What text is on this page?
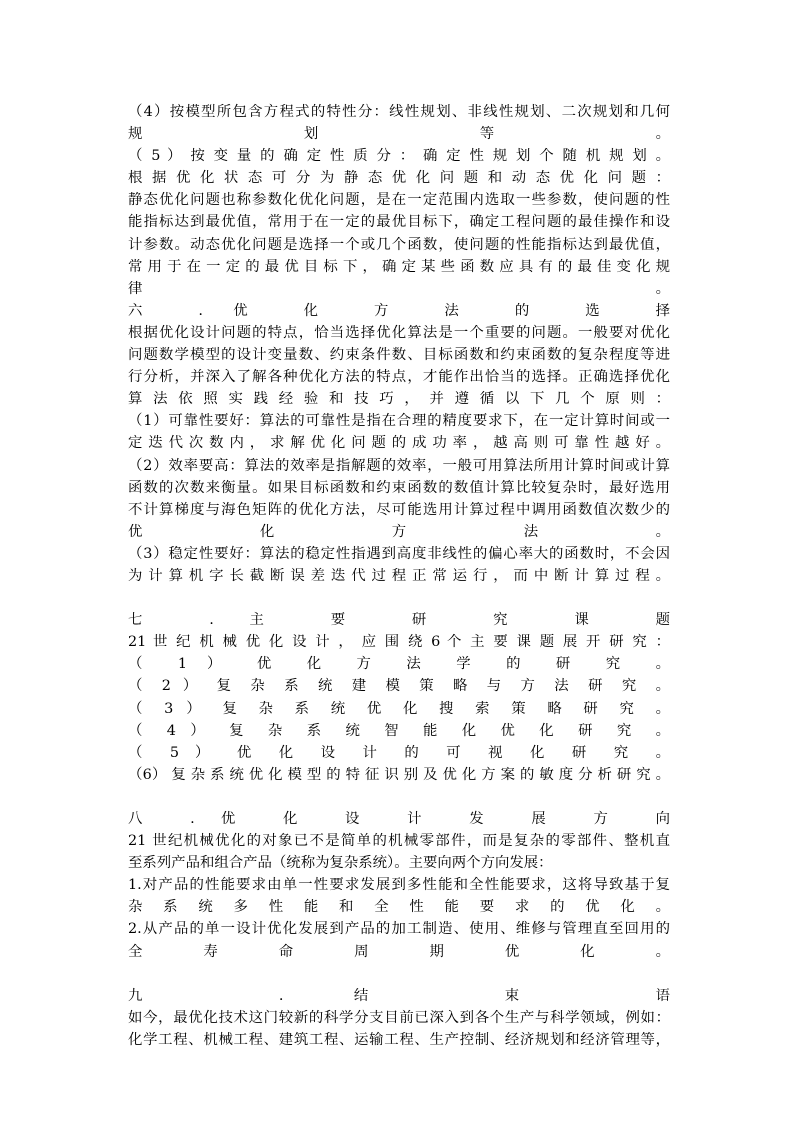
（4）按模型所包含方程式的特性分：线性规划、非线性规划、二次规划和几何
规 划 等 。
（ 5 ） 按 变 量 的 确 定 性 质 分 ： 确 定 性 规 划 个 随 机 规 划 。
根 据 优 化 状 态 可 分 为 静 态 优 化 问 题 和 动 态 优 化 问 题 ：
静态优化问题也称参数化优化问题，是在一定范围内选取一些参数，使问题的性
能指标达到最优值，常用于在一定的最优目标下，确定工程问题的最佳操作和设
计参数。动态优化问题是选择一个或几个函数，使问题的性能指标达到最优值，
常 用 于 在 一 定 的 最 优 目 标 下 ， 确 定 某 些 函 数 应 具 有 的 最 佳 变 化 规 律 。
六 . 优 化 方 法 的 选 择
根据优化设计问题的特点，恰当选择优化算法是一个重要的问题。一般要对优化
问题数学模型的设计变量数、约束条件数、目标函数和约束函数的复杂程度等进
行分析，并深入了解各种优化方法的特点，才能作出恰当的选择。正确选择优化
算 法 依 照 实 践 经 验 和 技 巧 ， 并 遵 循 以 下 几 个 原 则 ：
（1）可靠性要好：算法的可靠性是指在合理的精度要求下，在一定计算时间或一
定 迭 代 次 数 内 ， 求 解 优 化 问 题 的 成 功 率 ， 越 高 则 可 靠 性 越 好 。
（2）效率要高：算法的效率是指解题的效率，一般可用算法所用计算时间或计算
函数的次数来衡量。如果目标函数和约束函数的数值计算比较复杂时，最好选用
不计算梯度与海色矩阵的优化方法，尽可能选用计算过程中调用函数值次数少的
优 化 方 法 。
（3）稳定性要好：算法的稳定性指遇到高度非线性的偏心率大的函数时，不会因
为 计 算 机 字 长 截 断 误 差 迭 代 过 程 正 常 运 行 ， 而 中 断 计 算 过 程 。
七 . 主 要 研 究 课 题
21 世 纪 机 械 优 化 设 计 ， 应 围 绕 6 个 主 要 课 题 展 开 研 究 ：
（ 1 ） 优 化 方 法 学 的 研 究 。
（ 2 ） 复 杂 系 统 建 模 策 略 与 方 法 研 究 。
（ 3 ） 复 杂 系 统 优 化 搜 索 策 略 研 究 。
（ 4 ） 复 杂 系 统 智 能 化 优 化 研 究 。
（ 5 ） 优 化 设 计 的 可 视 化 研 究 。
（6） 复 杂 系 统 优 化 模 型 的 特 征 识 别 及 优 化 方 案 的 敏 度 分 析 研 究 。
八 . 优 化 设 计 发 展 方 向
21 世纪机械优化的对象已不是简单的机械零部件，而是复杂的零部件、整机直
至系列产品和组合产品（统称为复杂系统）。主要向两个方向发展：
1.对产品的性能要求由单一性要求发展到多性能和全性能要求，这将导致基于复
杂 系 统 多 性 能 和 全 性 能 要 求 的 优 化 。
2.从产品的单一设计优化发展到产品的加工制造、使用、维修与管理直至回用的
全 寿 命 周 期 优 化 。
九 . 结 束 语
如今，最优化技术这门较新的科学分支目前已深入到各个生产与科学领域，例如：
化学工程、机械工程、建筑工程、运输工程、生产控制、经济规划和经济管理等，
